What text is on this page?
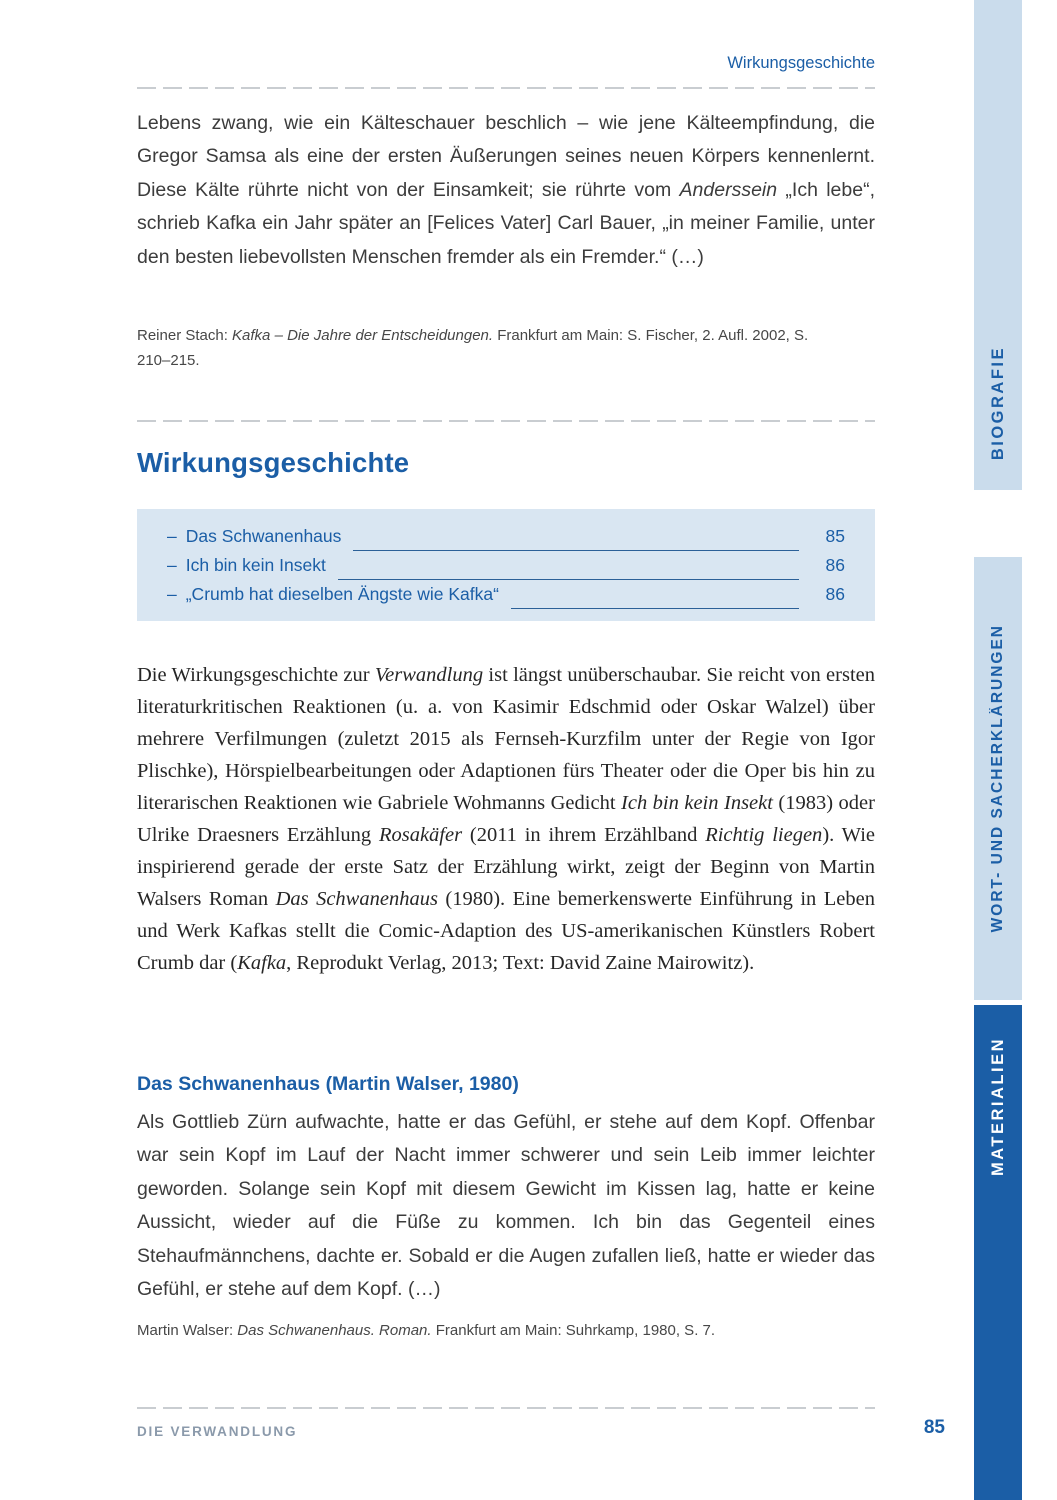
Wirkungsgeschichte

Lebens zwang, wie ein Kälteschauer beschlich – wie jene Kälteempfindung, die Gregor Samsa als eine der ersten Äußerungen seines neuen Körpers kennenlernt. Diese Kälte rührte nicht von der Einsamkeit; sie rührte vom Anderssein „Ich lebe“, schrieb Kafka ein Jahr später an [Felices Vater] Carl Bauer, „in meiner Familie, unter den besten liebevollsten Menschen fremder als ein Fremder.“ (…)

Reiner Stach: Kafka – Die Jahre der Entscheidungen. Frankfurt am Main: S. Fischer, 2. Aufl. 2002, S. 210–215.

Wirkungsgeschichte
– Das Schwanenhaus	85
– Ich bin kein Insekt	86
– „Crumb hat dieselben Ängste wie Kafka“	86

Die Wirkungsgeschichte zur Verwandlung ist längst unüberschaubar. Sie reicht von ersten literaturkritischen Reaktionen (u. a. von Kasimir Edschmid oder Oskar Walzel) über mehrere Verfilmungen (zuletzt 2015 als Fernseh-Kurzfilm unter der Regie von Igor Plischke), Hörspielbearbeitungen oder Adaptionen fürs Theater oder die Oper bis hin zu literarischen Reaktionen wie Gabriele Wohmanns Gedicht Ich bin kein Insekt (1983) oder Ulrike Draesners Erzählung Rosakäfer (2011 in ihrem Erzählband Richtig liegen). Wie inspirierend gerade der erste Satz der Erzählung wirkt, zeigt der Beginn von Martin Walsers Roman Das Schwanenhaus (1980). Eine bemerkenswerte Einführung in Leben und Werk Kafkas stellt die Comic-Adaption des US-amerikanischen Künstlers Robert Crumb dar (Kafka, Reprodukt Verlag, 2013; Text: David Zaine Mairowitz).

Das Schwanenhaus (Martin Walser, 1980)

Als Gottlieb Zürn aufwachte, hatte er das Gefühl, er stehe auf dem Kopf. Offenbar war sein Kopf im Lauf der Nacht immer schwerer und sein Leib immer leichter geworden. Solange sein Kopf mit diesem Gewicht im Kissen lag, hatte er keine Aussicht, wieder auf die Füße zu kommen. Ich bin das Gegenteil eines Stehaufmännchens, dachte er. Sobald er die Augen zufallen ließ, hatte er wieder das Gefühl, er stehe auf dem Kopf. (…)

Martin Walser: Das Schwanenhaus. Roman. Frankfurt am Main: Suhrkamp, 1980, S. 7.

DIE VERWANDLUNG	85
BIOGRAFIE
WORT- UND SACHERKLÄRUNGEN
MATERIALIEN
